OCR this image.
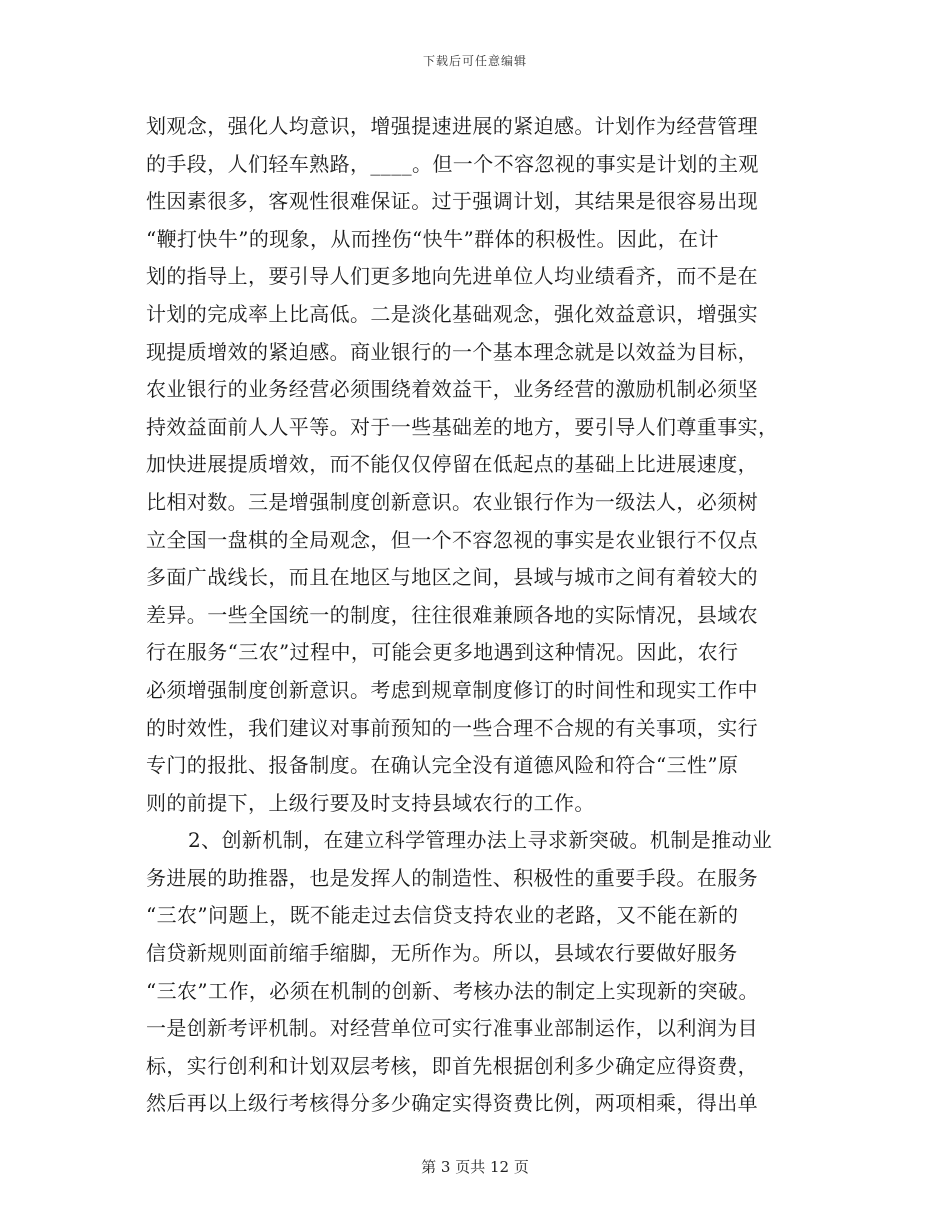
下载后可任意编辑
划观念，强化人均意识，增强提速进展的紧迫感。计划作为经营管理
的手段，人们轻车熟路，____。但一个不容忽视的事实是计划的主观
性因素很多，客观性很难保证。过于强调计划，其结果是很容易出现
“鞭打快牛”的现象，从而挫伤“快牛”群体的积极性。因此，在计
划的指导上，要引导人们更多地向先进单位人均业绩看齐，而不是在
计划的完成率上比高低。二是淡化基础观念，强化效益意识，增强实
现提质增效的紧迫感。商业银行的一个基本理念就是以效益为目标，
农业银行的业务经营必须围绕着效益干，业务经营的激励机制必须坚
持效益面前人人平等。对于一些基础差的地方，要引导人们尊重事实，
加快进展提质增效，而不能仅仅停留在低起点的基础上比进展速度，
比相对数。三是增强制度创新意识。农业银行作为一级法人，必须树
立全国一盘棋的全局观念，但一个不容忽视的事实是农业银行不仅点
多面广战线长，而且在地区与地区之间，县域与城市之间有着较大的
差异。一些全国统一的制度，往往很难兼顾各地的实际情况，县域农
行在服务“三农”过程中，可能会更多地遇到这种情况。因此，农行
必须增强制度创新意识。考虑到规章制度修订的时间性和现实工作中
的时效性，我们建议对事前预知的一些合理不合规的有关事项，实行
专门的报批、报备制度。在确认完全没有道德风险和符合“三性”原
则的前提下，上级行要及时支持县域农行的工作。
2、创新机制，在建立科学管理办法上寻求新突破。机制是推动业
务进展的助推器，也是发挥人的制造性、积极性的重要手段。在服务
“三农”问题上，既不能走过去信贷支持农业的老路，又不能在新的
信贷新规则面前缩手缩脚，无所作为。所以，县域农行要做好服务
“三农”工作，必须在机制的创新、考核办法的制定上实现新的突破。
一是创新考评机制。对经营单位可实行准事业部制运作，以利润为目
标，实行创利和计划双层考核，即首先根据创利多少确定应得资费，
然后再以上级行考核得分多少确定实得资费比例，两项相乘，得出单
第 3 页共 12 页
